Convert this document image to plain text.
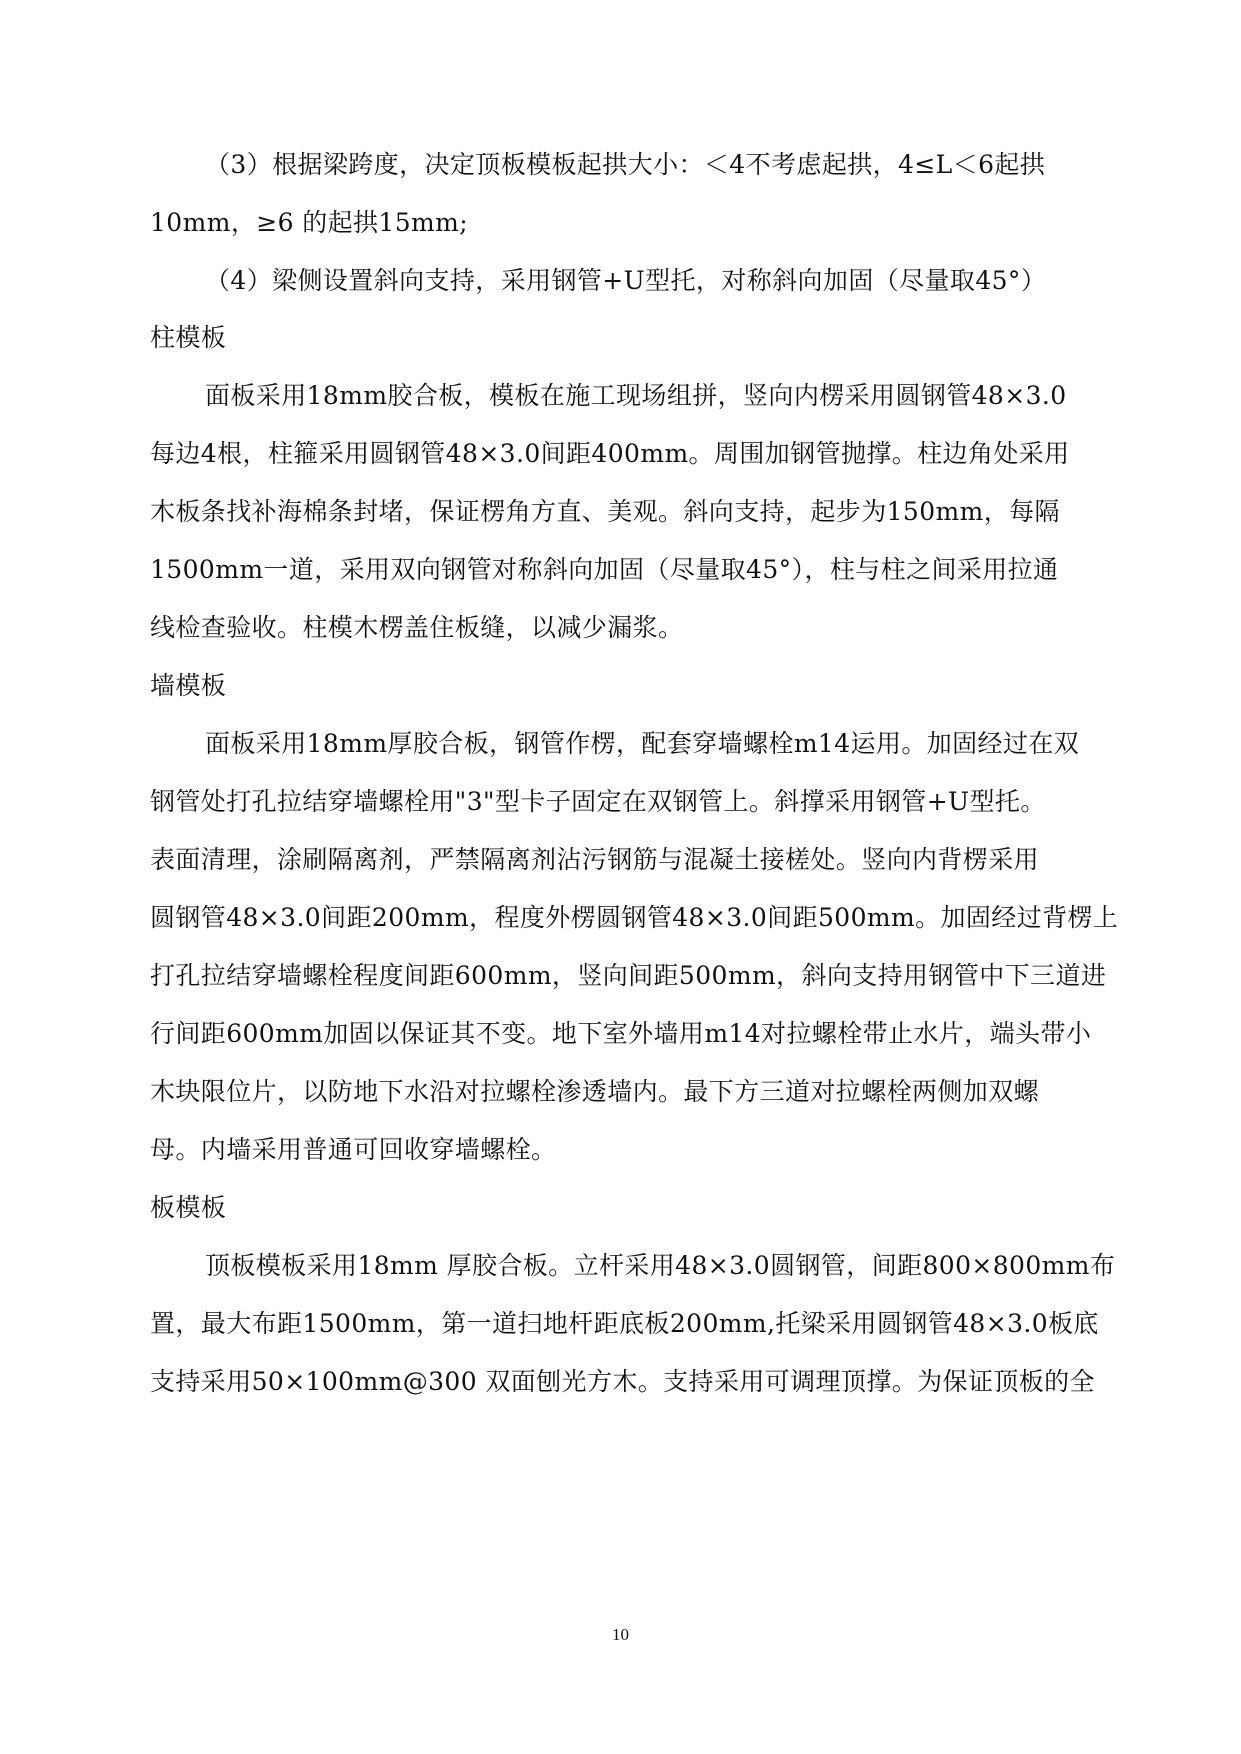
（3）根据梁跨度，决定顶板模板起拱大小：＜4不考虑起拱，4≤L＜6起拱
10mm，≥6 的起拱15mm;
（4）梁侧设置斜向支持，采用钢管+U型托，对称斜向加固（尽量取45°）
柱模板
面板采用18mm胶合板，模板在施工现场组拼，竖向内楞采用圆钢管48×3.0
每边4根，柱箍采用圆钢管48×3.0间距400mm。周围加钢管抛撑。柱边角处采用
木板条找补海棉条封堵，保证楞角方直、美观。斜向支持，起步为150mm，每隔
1500mm一道，采用双向钢管对称斜向加固（尽量取45°），柱与柱之间采用拉通
线检查验收。柱模木楞盖住板缝，以减少漏浆。
墙模板
面板采用18mm厚胶合板，钢管作楞，配套穿墙螺栓m14运用。加固经过在双
钢管处打孔拉结穿墙螺栓用"3"型卡子固定在双钢管上。斜撑采用钢管+U型托。
表面清理，涂刷隔离剂，严禁隔离剂沾污钢筋与混凝土接槎处。竖向内背楞采用
圆钢管48×3.0间距200mm，程度外楞圆钢管48×3.0间距500mm。加固经过背楞上
打孔拉结穿墙螺栓程度间距600mm，竖向间距500mm，斜向支持用钢管中下三道进
行间距600mm加固以保证其不变。地下室外墙用m14对拉螺栓带止水片，端头带小
木块限位片，以防地下水沿对拉螺栓渗透墙内。最下方三道对拉螺栓两侧加双螺
母。内墙采用普通可回收穿墙螺栓。
板模板
顶板模板采用18mm 厚胶合板。立杆采用48×3.0圆钢管，间距800×800mm布
置，最大布距1500mm，第一道扫地杆距底板200mm,托梁采用圆钢管48×3.0板底
支持采用50×100mm@300 双面刨光方木。支持采用可调理顶撑。为保证顶板的全
10
